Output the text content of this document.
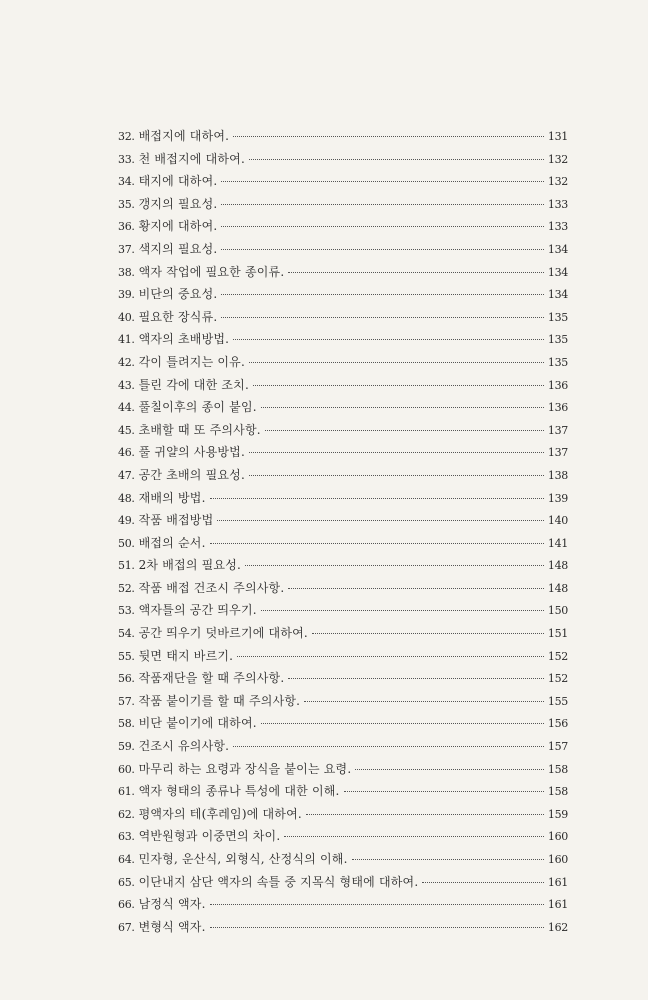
32. 배접지에 대하여.	131
33. 천 배접지에 대하여.	132
34. 태지에 대하여.	132
35. 갱지의 필요성.	133
36. 황지에 대하여.	133
37. 색지의 필요성.	134
38. 액자 작업에 필요한 종이류.	134
39. 비단의 중요성.	134
40. 필요한 장식류.	135
41. 액자의 초배방법.	135
42. 각이 틀려지는 이유.	135
43. 틀린 각에 대한 조치.	136
44. 풀칠이후의 종이 붙임.	136
45. 초배할 때 또 주의사항.	137
46. 풀 귀얄의 사용방법.	137
47. 공간 초배의 필요성.	138
48. 재배의 방법.	139
49. 작품 배접방법	140
50. 배접의 순서.	141
51. 2차 배접의 필요성.	148
52. 작품 배접 건조시 주의사항.	148
53. 액자틀의 공간 띄우기.	150
54. 공간 띄우기 덧바르기에 대하여.	151
55. 뒷면 태지 바르기.	152
56. 작품재단을 할 때 주의사항.	152
57. 작품 붙이기를 할 때 주의사항.	155
58. 비단 붙이기에 대하여.	156
59. 건조시 유의사항.	157
60. 마무리 하는 요령과 장식을 붙이는 요령.	158
61. 액자 형태의 종류나 특성에 대한 이해.	158
62. 평액자의 테(후레임)에 대하여.	159
63. 역반원형과 이중면의 차이.	160
64. 민자형, 운산식, 외형식, 산정식의 이해.	160
65. 이단내지 삼단 액자의 속틀 중 지목식 형태에 대하여.	161
66. 남정식 액자.	161
67. 변형식 액자.	162
